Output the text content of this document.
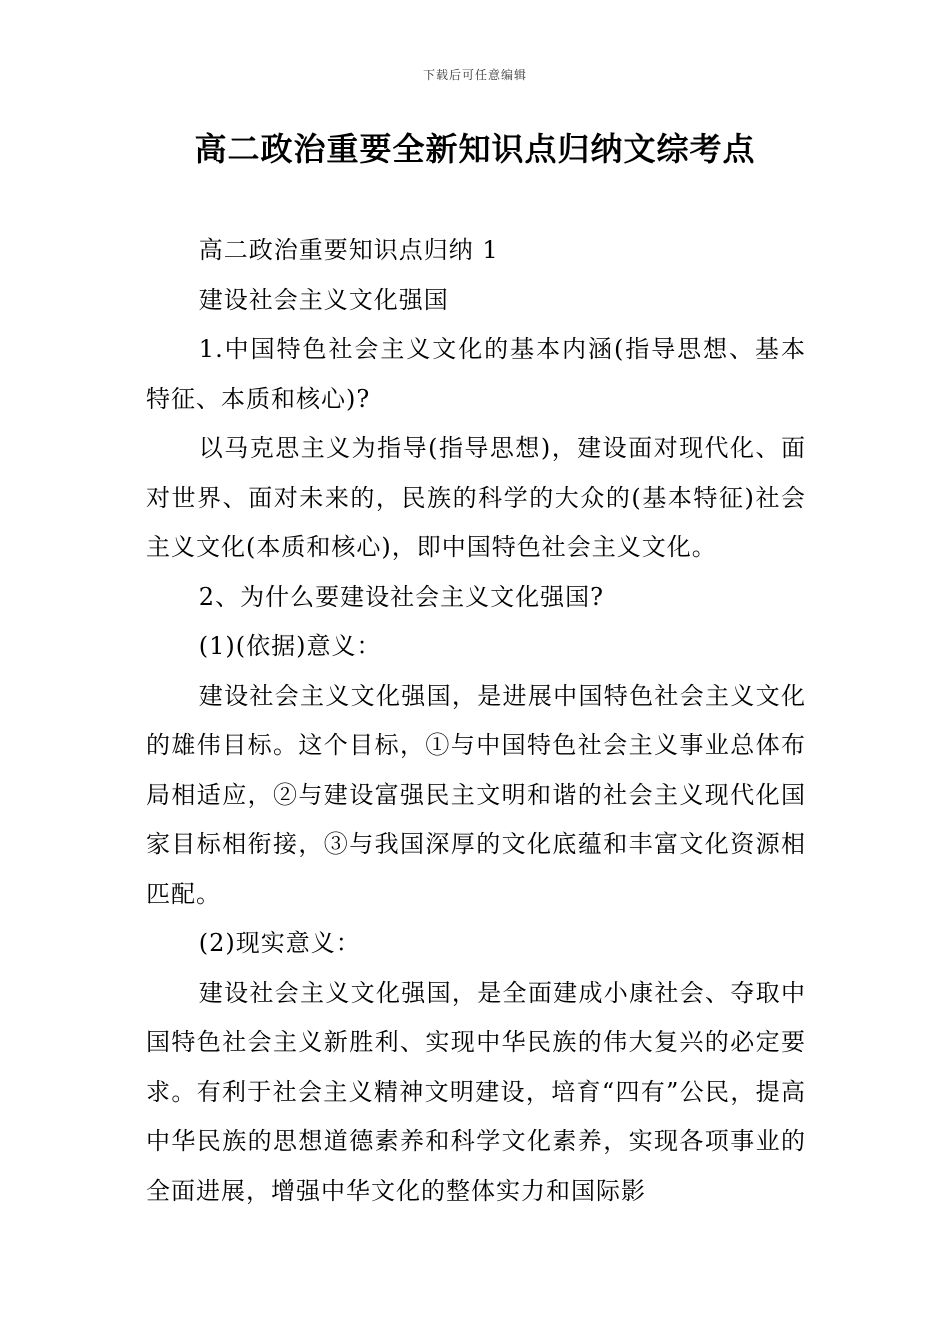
下载后可任意编辑
高二政治重要全新知识点归纳文综考点

高二政治重要知识点归纳 1

建设社会主义文化强国

1.中国特色社会主义文化的基本内涵(指导思想、基本特征、本质和核心)?

以马克思主义为指导(指导思想)，建设面对现代化、面对世界、面对未来的，民族的科学的大众的(基本特征)社会主义文化(本质和核心)，即中国特色社会主义文化。

2、为什么要建设社会主义文化强国?

(1)(依据)意义：

建设社会主义文化强国，是进展中国特色社会主义文化的雄伟目标。这个目标，①与中国特色社会主义事业总体布局相适应，②与建设富强民主文明和谐的社会主义现代化国家目标相衔接，③与我国深厚的文化底蕴和丰富文化资源相匹配。

(2)现实意义：

建设社会主义文化强国，是全面建成小康社会、夺取中国特色社会主义新胜利、实现中华民族的伟大复兴的必定要求。有利于社会主义精神文明建设，培育“四有”公民，提高中华民族的思想道德素养和科学文化素养，实现各项事业的全面进展，增强中华文化的整体实力和国际影
